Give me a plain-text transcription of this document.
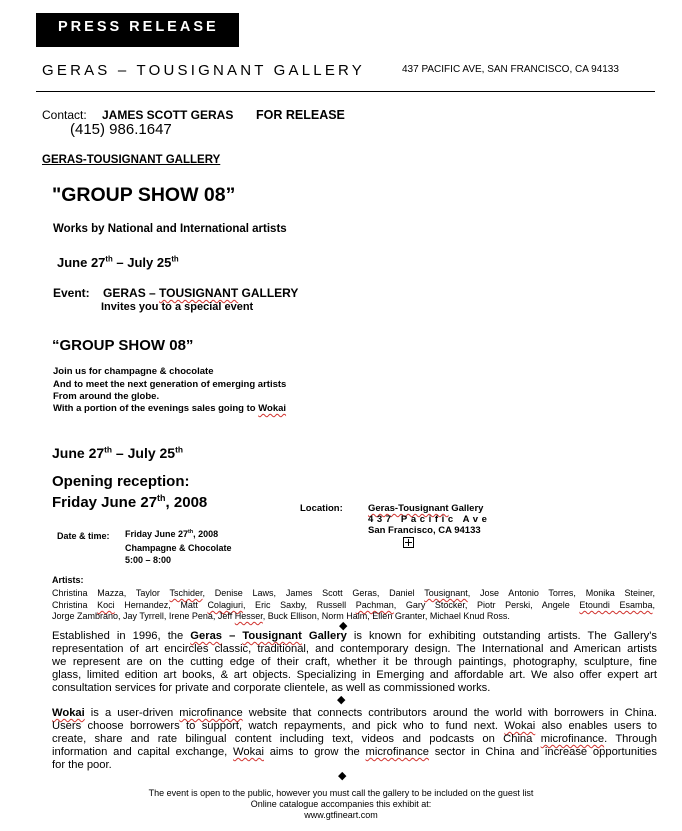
PRESS RELEASE
GERAS – TOUSIGNANT GALLERY	437 PACIFIC AVE, SAN FRANCISCO, CA 94133
Contact: JAMES SCOTT GERAS FOR RELEASE
(415) 986.1647
GERAS-TOUSIGNANT GALLERY
"GROUP SHOW 08”
Works by National and International artists
June 27th – July 25th
Event: GERAS – TOUSIGNANT GALLERY
Invites you to a special event
“GROUP SHOW 08”
Join us for champagne & chocolate
And to meet the next generation of emerging artists
From around the globe.
With a portion of the evenings sales going to Wokai
June 27th – July 25th
Opening reception:
Friday June 27th, 2008	Location:	Geras-Tousignant Gallery
437 Pacific Ave
San Francisco, CA 94133
Date & time: Friday June 27th, 2008
Champagne & Chocolate
5:00 – 8:00
Artists:
Christina Mazza, Taylor Tschider, Denise Laws, James Scott Geras, Daniel Tousignant, Jose Antonio Torres, Monika Steiner,
Christina Koci Hernandez, Matt Colagiuri, Eric Saxby, Russell Pachman, Gary Stocker, Piotr Perski, Angele Etoundi Esamba,
Jorge Zambrano, Jay Tyrrell, Irene Pena, Jeff Hesser, Buck Ellison, Norm Halm, Ellen Granter, Michael Knud Ross.
◆
◆
◆
Established in 1996, the Geras – Tousignant Gallery is known for exhibiting outstanding artists. The Gallery's
representation of art encircles classic, traditional, and contemporary design. The International and American artists
we represent are on the cutting edge of their craft, whether it be through paintings, photography, sculpture, fine
glass, limited edition art books, & art objects. Specializing in Emerging and affordable art. We also offer expert art
consultation services for private and corporate clientele, as well as commissioned works.
Wokai is a user-driven microfinance website that connects contributors around the world with borrowers in China.
Users choose borrowers to support, watch repayments, and pick who to fund next. Wokai also enables users to
create, share and rate bilingual content including text, videos and podcasts on China microfinance. Through
information and capital exchange, Wokai aims to grow the microfinance sector in China and increase opportunities
for the poor.
The event is open to the public, however you must call the gallery to be included on the guest list
Online catalogue accompanies this exhibit at:
www.gtfineart.com
